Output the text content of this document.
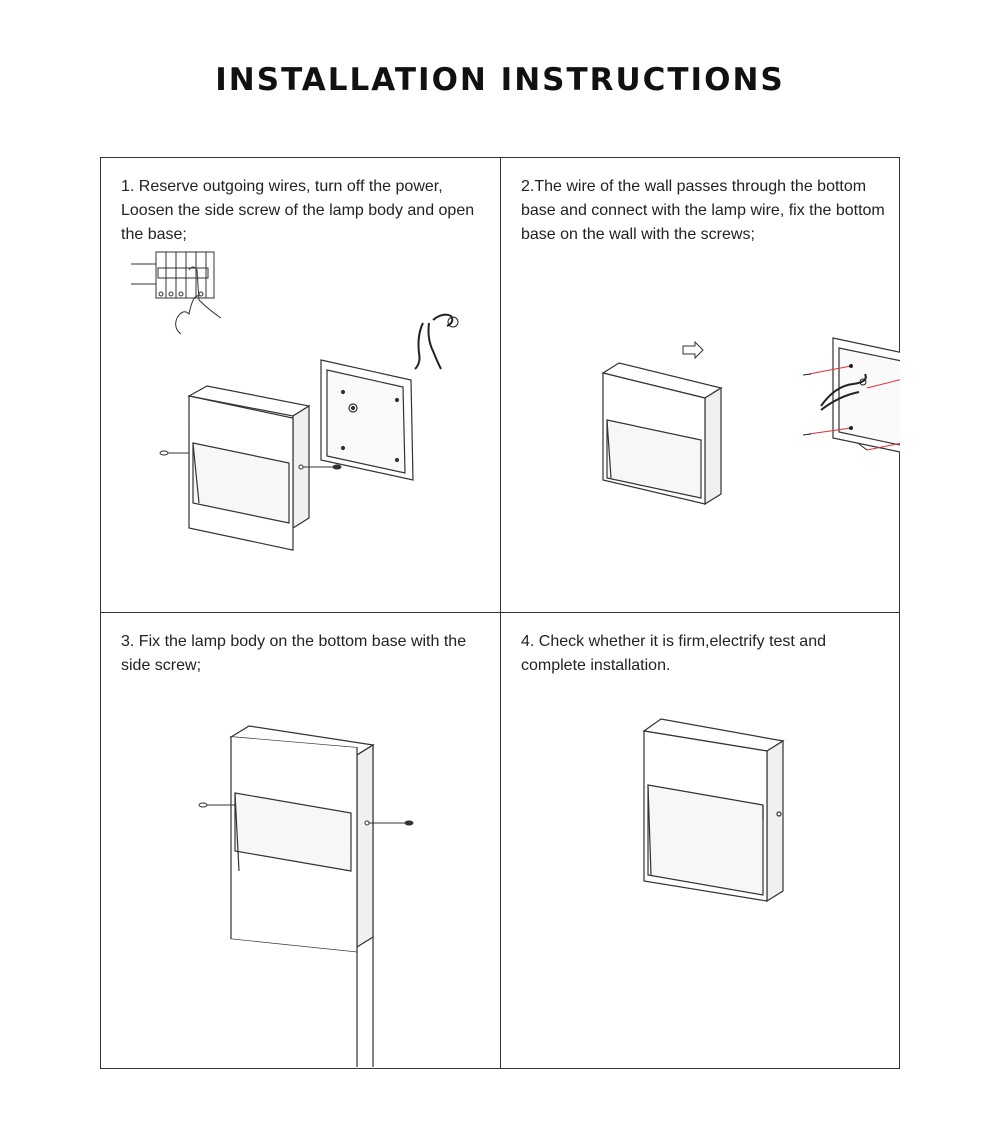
INSTALLATION INSTRUCTIONS
1. Reserve outgoing wires, turn off the power,
Loosen the side screw of the lamp body and open the base;
2.The wire of the wall passes through the bottom base and connect with the lamp wire, fix the bottom base on the wall with the screws;
3. Fix the lamp body on the bottom base with the side screw;
4. Check whether it is firm,electrify test and complete installation.
